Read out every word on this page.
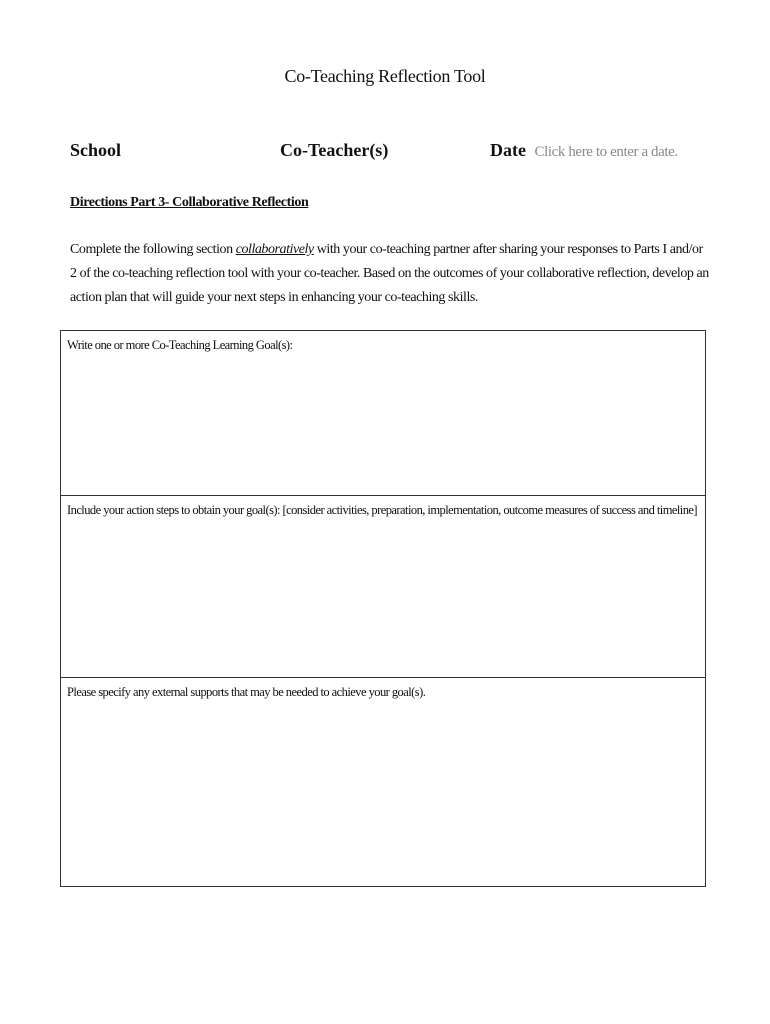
Co-Teaching Reflection Tool
School	Co-Teacher(s)	Date Click here to enter a date.
Directions Part 3- Collaborative Reflection
Complete the following section collaboratively with your co-teaching partner after sharing your responses to Parts I and/or 2 of the co-teaching reflection tool with your co-teacher. Based on the outcomes of your collaborative reflection, develop an action plan that will guide your next steps in enhancing your co-teaching skills.
Write one or more Co-Teaching Learning Goal(s):
Include your action steps to obtain your goal(s): [consider activities, preparation, implementation, outcome measures of success and timeline]
Please specify any external supports that may be needed to achieve your goal(s).
